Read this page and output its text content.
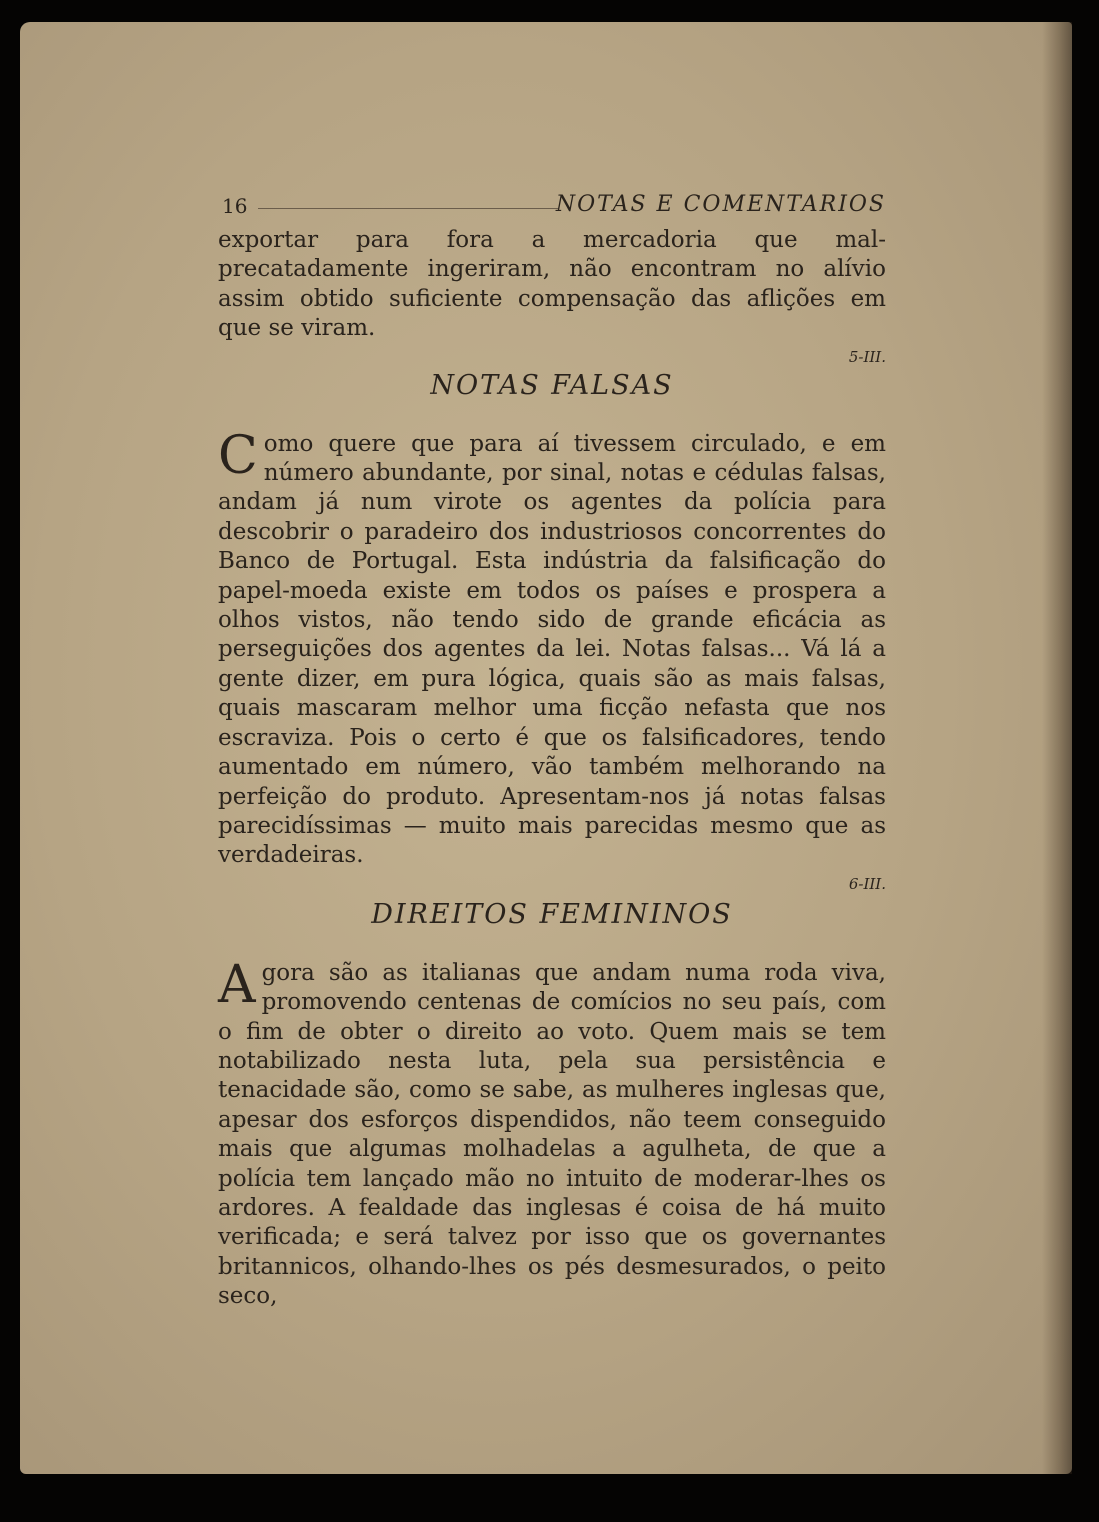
16	NOTAS E COMENTARIOS

exportar para fora a mercadoria que mal-precatadamente ingeriram, não encontram no alívio assim obtido suficiente compensação das aflições em que se viram.

5-III.
NOTAS FALSAS

Como quere que para aí tivessem circulado, e em número abundante, por sinal, notas e cédulas falsas, andam já num virote os agentes da polícia para descobrir o paradeiro dos industriosos concorrentes do Banco de Portugal. Esta indústria da falsificação do papel-moeda existe em todos os países e prospera a olhos vistos, não tendo sido de grande eficácia as perseguições dos agentes da lei. Notas falsas... Vá lá a gente dizer, em pura lógica, quais são as mais falsas, quais mascaram melhor uma ficção nefasta que nos escraviza. Pois o certo é que os falsificadores, tendo aumentado em número, vão também melhorando na perfeição do produto. Apresentam-nos já notas falsas parecidíssimas — muito mais parecidas mesmo que as verdadeiras.

6-III.
DIREITOS FEMININOS

Agora são as italianas que andam numa roda viva, promovendo centenas de comícios no seu país, com o fim de obter o direito ao voto. Quem mais se tem notabilizado nesta luta, pela sua persistência e tenacidade são, como se sabe, as mulheres inglesas que, apesar dos esforços dispendidos, não teem conseguido mais que algumas molhadelas a agulheta, de que a polícia tem lançado mão no intuito de moderar-lhes os ardores. A fealdade das inglesas é coisa de há muito verificada; e será talvez por isso que os governantes britannicos, olhando-lhes os pés desmesurados, o peito seco,
